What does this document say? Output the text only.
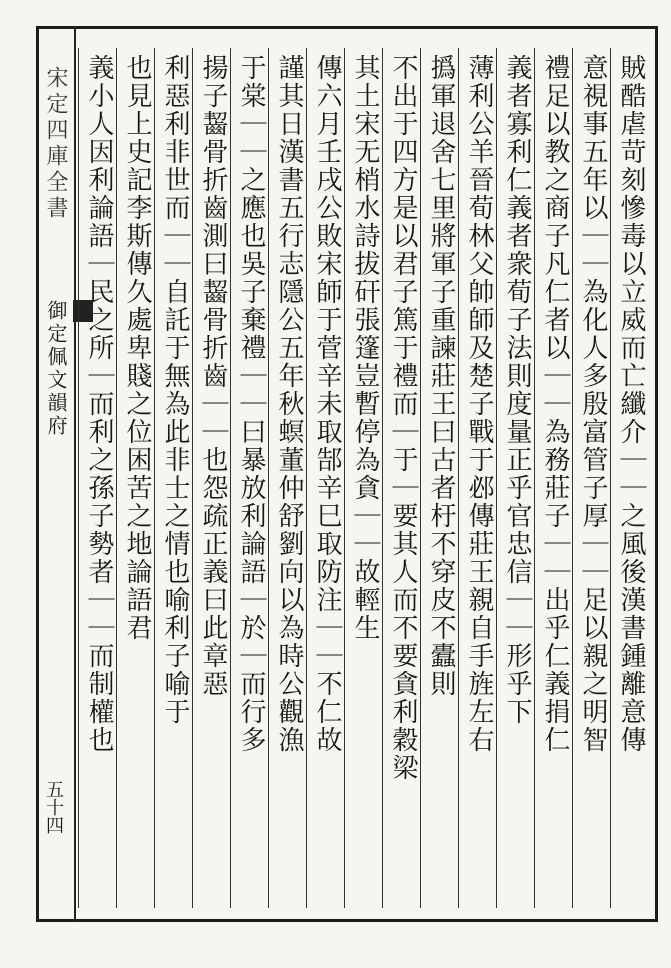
宋定四庫全書

御定佩文韻府
五十四
賊酷虐苛刻慘毒以立威而亡纖介｜｜之風後漢書鍾離意傳
意視事五年以｜｜為化人多殷富管子厚｜｜足以親之明智
禮足以教之商子凡仁者以｜｜為務莊子｜｜出乎仁義捐仁
義者寡利仁義者衆荀子法則度量正乎官忠信｜｜形乎下
薄利公羊晉荀林父帥師及楚子戰于邲傳莊王親自手旌左右
撝軍退舍七里將軍子重諫莊王曰古者杅不穿皮不蠹則
不出于四方是以君子篤于禮而｜于｜要其人而不要貪利穀梁
其土宋无梢水詩拔矸張篷豈暫停為貪｜｜故輕生
傳六月壬戌公敗宋師于菅辛未取郜辛巳取防注｜｜不仁故
謹其日漢書五行志隱公五年秋螟董仲舒劉向以為時公觀漁
于棠｜｜之應也吳子棄禮｜｜曰暴放利論語｜於｜而行多
揚子齧骨折齒測曰齧骨折齒｜｜也怨疏正義曰此章惡
利惡利非世而｜｜自託于無為此非士之情也喻利子喻于
也見上史記李斯傳久處卑賤之位困苦之地論語君
義小人因利論語｜民之所｜而利之孫子勢者｜｜而制權也
